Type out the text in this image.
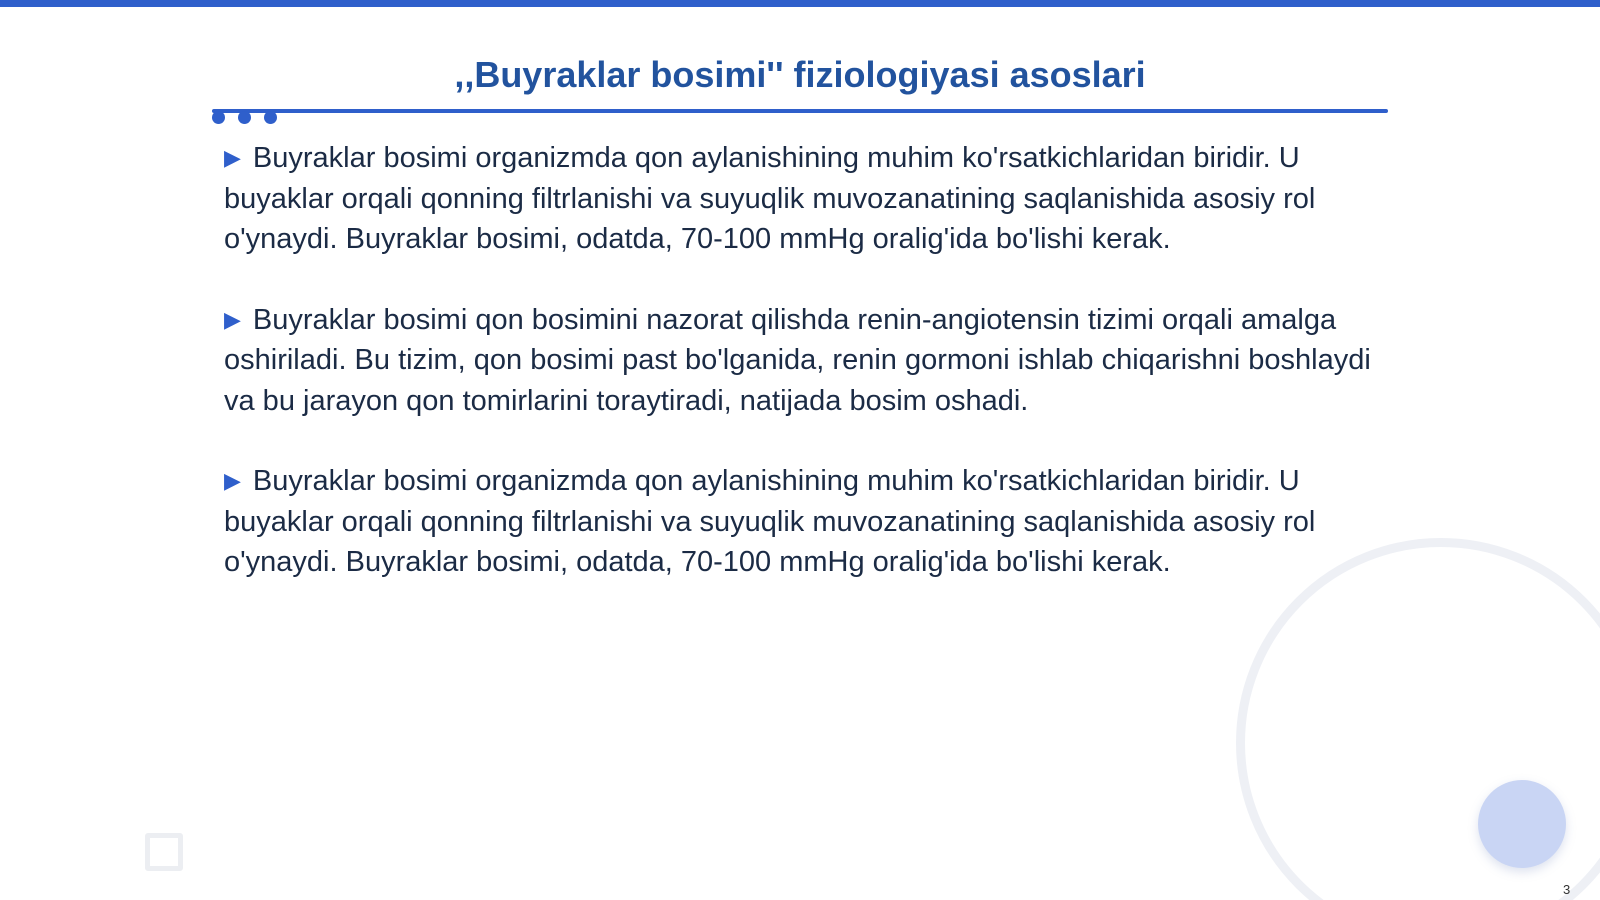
,,Buyraklar bosimi'' fiziologiyasi asoslari

▶ Buyraklar bosimi organizmda qon aylanishining muhim ko'rsatkichlaridan biridir. U buyaklar orqali qonning filtrlanishi va suyuqlik muvozanatining saqlanishida asosiy rol o'ynaydi. Buyraklar bosimi, odatda, 70-100 mmHg oralig'ida bo'lishi kerak.

▶ Buyraklar bosimi qon bosimini nazorat qilishda renin-angiotensin tizimi orqali amalga oshiriladi. Bu tizim, qon bosimi past bo'lganida, renin gormoni ishlab chiqarishni boshlaydi va bu jarayon qon tomirlarini toraytiradi, natijada bosim oshadi.

▶ Buyraklar bosimi organizmda qon aylanishining muhim ko'rsatkichlaridan biridir. U buyaklar orqali qonning filtrlanishi va suyuqlik muvozanatining saqlanishida asosiy rol o'ynaydi. Buyraklar bosimi, odatda, 70-100 mmHg oralig'ida bo'lishi kerak.

3
